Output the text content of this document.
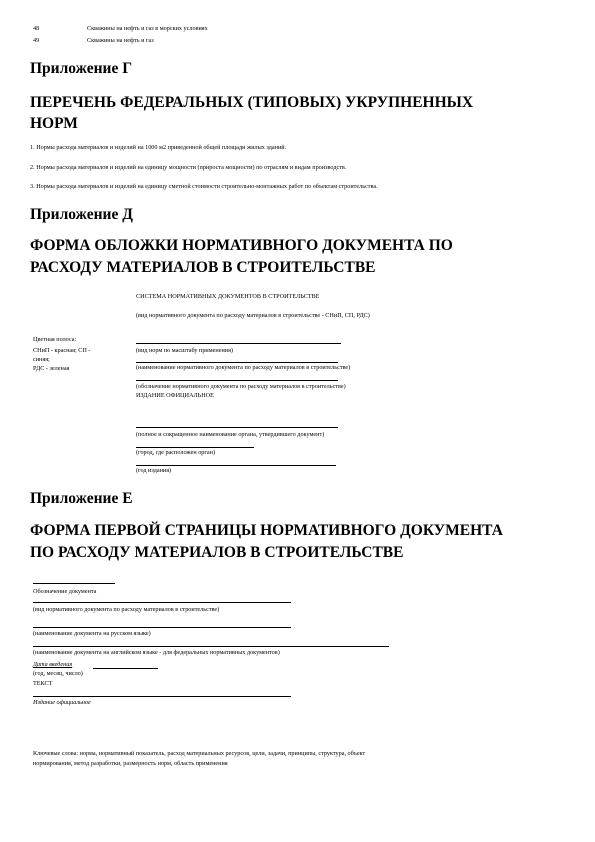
48	Скважины на нефть и газ в морских условиях
49	Скважины на нефть и газ
Приложение Г
ПЕРЕЧЕНЬ ФЕДЕРАЛЬНЫХ (ТИПОВЫХ) УКРУПНЕННЫХ
НОРМ
1. Нормы расхода материалов и изделий на 1000 м2 приведенной общей площади жилых зданий.
2. Нормы расхода материалов и изделий на единицу мощности (прироста мощности) по отраслям и видам производств.
3. Нормы расхода материалов и изделий на единицу сметной стоимости строительно-монтажных работ по объектам строительства.
Приложение Д
ФОРМА ОБЛОЖКИ НОРМАТИВНОГО ДОКУМЕНТА ПО
РАСХОДУ МАТЕРИАЛОВ В СТРОИТЕЛЬСТВЕ
СИСТЕМА НОРМАТИВНЫХ ДОКУМЕНТОВ В СТРОИТЕЛЬСТВЕ
(вид нормативного документа по расходу материалов в строительстве - СНиП, СП, РДС)
Цветная полоса:
СНиП - красная; СП -
синяя;
РДС - зеленая
(вид норм по масштабу применения)
(наименование нормативного документа по расходу материалов в строительстве)
(обозначение нормативного документа по расходу материалов в строительстве)
ИЗДАНИЕ ОФИЦИАЛЬНОЕ
(полное и сокращенное наименование органа, утвердившего документ)
(город, где расположен орган)
(год издания)
Приложение Е
ФОРМА ПЕРВОЙ СТРАНИЦЫ НОРМАТИВНОГО ДОКУМЕНТА
ПО РАСХОДУ МАТЕРИАЛОВ В СТРОИТЕЛЬСТВЕ
Обозначение документа
(вид нормативного документа по расходу материалов в строительстве)
(наименование документа на русском языке)
(наименование документа на английском языке - для федеральных нормативных документов)
Дата введения
(год, месяц, число)
ТЕКСТ
Издание официальное
Ключевые слова: норма, нормативный показатель, расход материальных ресурсов, цели, задачи, принципы, структура, объект
нормирования, метод разработки, размерность норм, область применения
